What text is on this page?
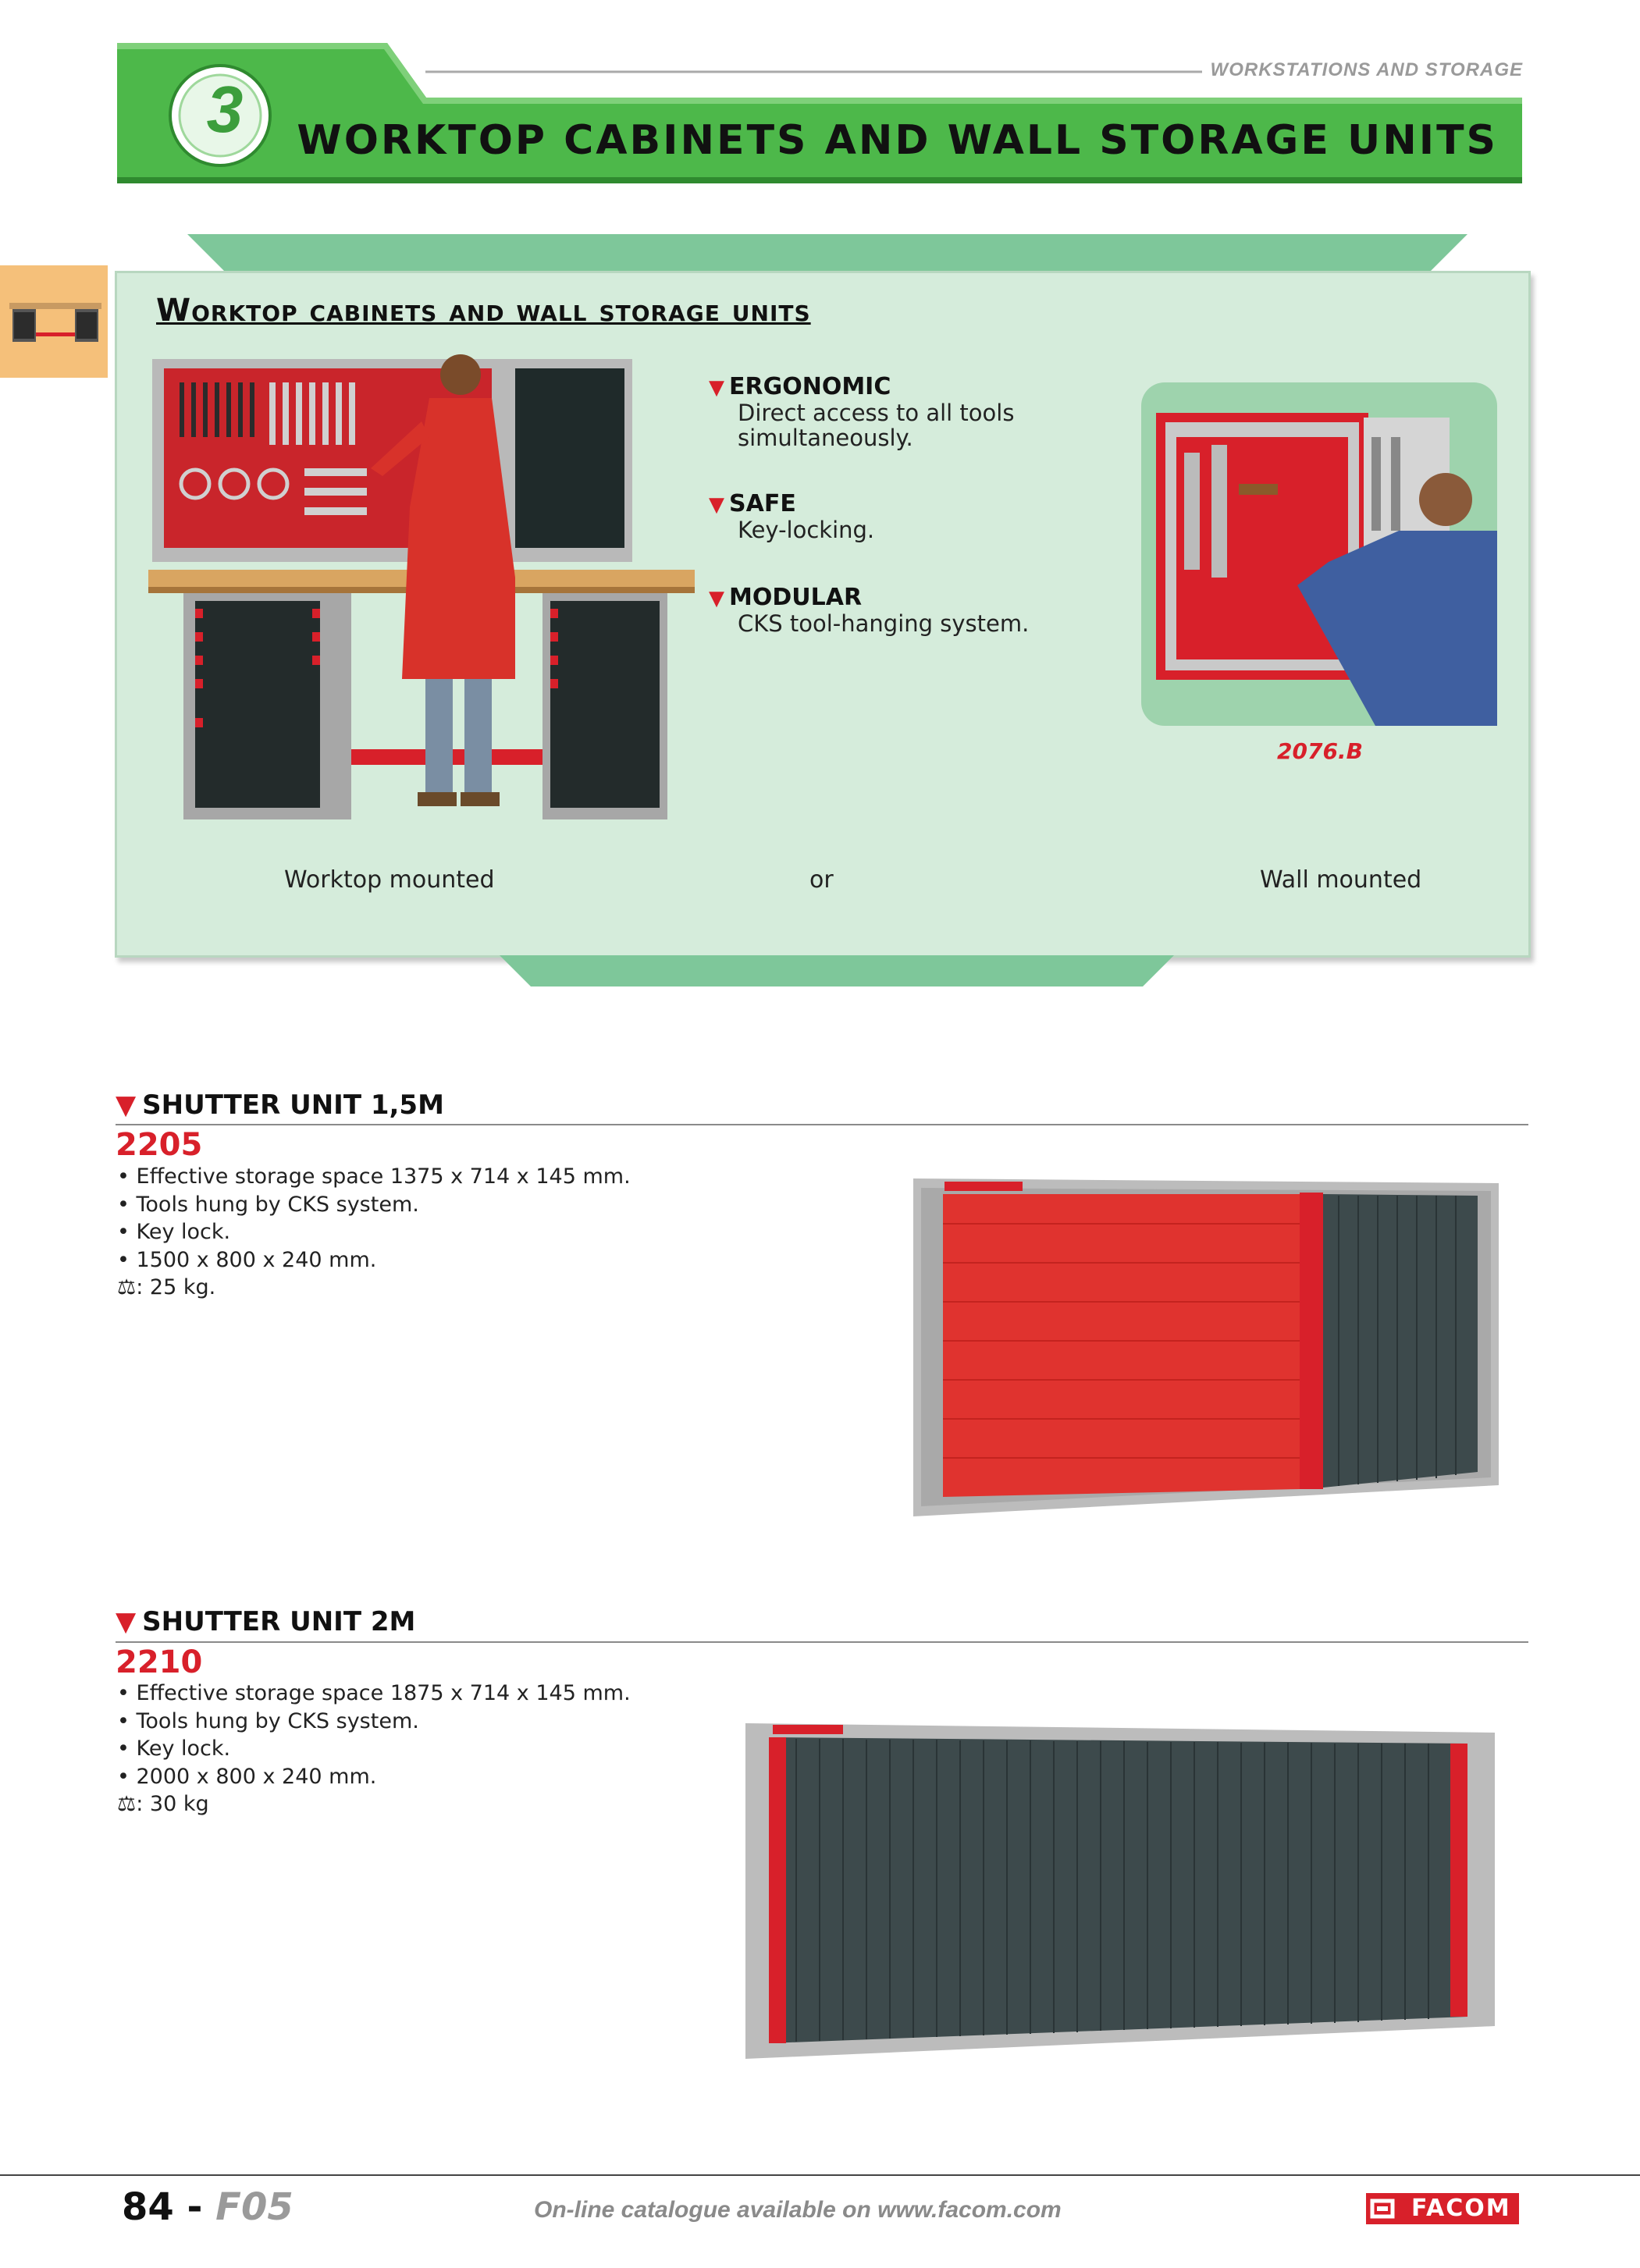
3
WORKSTATIONS AND STORAGE
WORKTOP CABINETS AND WALL STORAGE UNITS
Worktop cabinets and wall storage units
▼ ERGONOMIC
Direct access to all tools
simultaneously.
▼ SAFE
Key-locking.
▼ MODULAR
CKS tool-hanging system.
2076.B
Worktop mounted	or	Wall mounted
▼ SHUTTER UNIT 1,5M
2205
• Effective storage space 1375 x 714 x 145 mm.
• Tools hung by CKS system.
• Key lock.
• 1500 x 800 x 240 mm.
⚖: 25 kg.
▼ SHUTTER UNIT 2M
2210
• Effective storage space 1875 x 714 x 145 mm.
• Tools hung by CKS system.
• Key lock.
• 2000 x 800 x 240 mm.
⚖: 30 kg
84 - F05	On-line catalogue available on www.facom.com	FACOM
